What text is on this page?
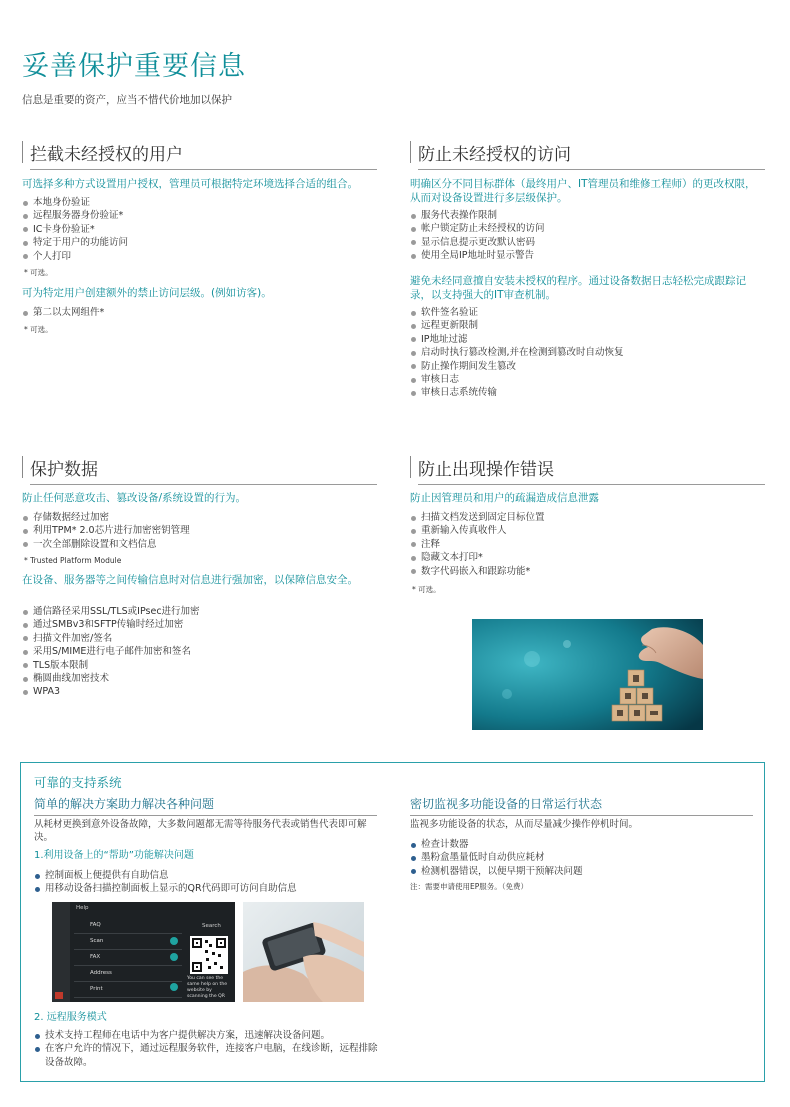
妥善保护重要信息
信息是重要的资产，应当不惜代价地加以保护
拦截未经授权的用户
可选择多种方式设置用户授权，管理员可根据特定环境选择合适的组合。
本地身份验证
远程服务器身份验证*
IC卡身份验证*
特定于用户的功能访问
个人打印
* 可选。
可为特定用户创建额外的禁止访问层级。(例如访客)。
第二以太网组件*
* 可选。
防止未经授权的访问
明确区分不同目标群体（最终用户、IT管理员和维修工程师）的更改权限，从而对设备设置进行多层级保护。
服务代表操作限制
帐户锁定防止未经授权的访问
显示信息提示更改默认密码
使用全局IP地址时显示警告
避免未经同意擅自安装未授权的程序。通过设备数据日志轻松完成跟踪记录，以支持强大的IT审查机制。
软件签名验证
远程更新限制
IP地址过滤
启动时执行篡改检测,并在检测到篡改时自动恢复
防止操作期间发生篡改
审核日志
审核日志系统传输
保护数据
防止任何恶意攻击、篡改设备/系统设置的行为。
存储数据经过加密
利用TPM* 2.0芯片进行加密密钥管理
一次全部删除设置和文档信息
* Trusted Platform Module
在设备、服务器等之间传输信息时对信息进行强加密，以保障信息安全。
通信路径采用SSL/TLS或IPsec进行加密
通过SMBv3和SFTP传输时经过加密
扫描文件加密/签名
采用S/MIME进行电子邮件加密和签名
TLS版本限制
椭圆曲线加密技术
WPA3
防止出现操作错误
防止因管理员和用户的疏漏造成信息泄露
扫描文档发送到固定目标位置
重新输入传真收件人
注释
隐藏文本打印*
数字代码嵌入和跟踪功能*
* 可选。
可靠的支持系统
简单的解决方案助力解决各种问题
从耗材更换到意外设备故障，大多数问题都无需等待服务代表或销售代表即可解决。
1.利用设备上的“帮助”功能解决问题
控制面板上便提供有自助信息
用移动设备扫描控制面板上显示的QR代码即可访问自助信息
Help
Search
FAQ
Scan
FAX
Address
Print
You can see the same help on the website by scanning the QR
2. 远程服务模式
技术支持工程师在电话中为客户提供解决方案，迅速解决设备问题。
在客户允许的情况下，通过远程服务软件，连接客户电脑，在线诊断，远程排除设备故障。
密切监视多功能设备的日常运行状态
监视多功能设备的状态，从而尽量减少操作停机时间。
检查计数器
墨粉盒墨量低时自动供应耗材
检测机器错误，以便早期干预解决问题
注：需要申请使用EP服务。（免费）
